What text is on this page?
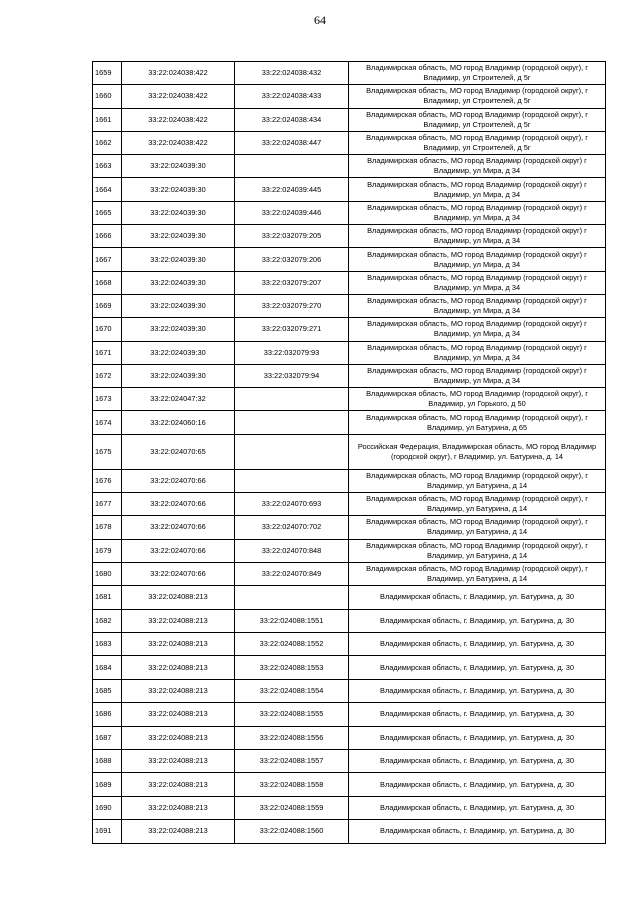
64
1659	33:22:024038:422	33:22:024038:432	Владимирская область, МО город Владимир (городской округ), г Владимир, ул Строителей, д 5г
1660	33:22:024038:422	33:22:024038:433	Владимирская область, МО город Владимир (городской округ), г Владимир, ул Строителей, д 5г
1661	33:22:024038:422	33:22:024038:434	Владимирская область, МО город Владимир (городской округ), г Владимир, ул Строителей, д 5г
1662	33:22:024038:422	33:22:024038:447	Владимирская область, МО город Владимир (городской округ), г Владимир, ул Строителей, д 5г
1663	33:22:024039:30		Владимирская область, МО город Владимир (городской округ) г Владимир, ул Мира, д 34
1664	33:22:024039:30	33:22:024039:445	Владимирская область, МО город Владимир (городской округ) г Владимир, ул Мира, д 34
1665	33:22:024039:30	33:22:024039:446	Владимирская область, МО город Владимир (городской округ) г Владимир, ул Мира, д 34
1666	33:22:024039:30	33:22:032079:205	Владимирская область, МО город Владимир (городской округ) г Владимир, ул Мира, д 34
1667	33:22:024039:30	33:22:032079:206	Владимирская область, МО город Владимир (городской округ) г Владимир, ул Мира, д 34
1668	33:22:024039:30	33:22:032079:207	Владимирская область, МО город Владимир (городской округ) г Владимир, ул Мира, д 34
1669	33:22:024039:30	33:22:032079:270	Владимирская область, МО город Владимир (городской округ) г Владимир, ул Мира, д 34
1670	33:22:024039:30	33:22:032079:271	Владимирская область, МО город Владимир (городской округ) г Владимир, ул Мира, д 34
1671	33:22:024039:30	33:22:032079:93	Владимирская область, МО город Владимир (городской округ) г Владимир, ул Мира, д 34
1672	33:22:024039:30	33:22:032079:94	Владимирская область, МО город Владимир (городской округ) г Владимир, ул Мира, д 34
1673	33:22:024047:32		Владимирская область, МО город Владимир (городской округ), г Владимир, ул Горького, д 50
1674	33:22:024060:16		Владимирская область, МО город Владимир (городской округ), г Владимир, ул Батурина, д 65
1675	33:22:024070:65		Российская Федерация, Владимирская область, МО город Владимир (городской округ), г Владимир, ул. Батурина, д. 14
1676	33:22:024070:66		Владимирская область, МО город Владимир (городской округ), г Владимир, ул Батурина, д 14
1677	33:22:024070:66	33:22:024070:693	Владимирская область, МО город Владимир (городской округ), г Владимир, ул Батурина, д 14
1678	33:22:024070:66	33:22:024070:702	Владимирская область, МО город Владимир (городской округ), г Владимир, ул Батурина, д 14
1679	33:22:024070:66	33:22:024070:848	Владимирская область, МО город Владимир (городской округ), г Владимир, ул Батурина, д 14
1680	33:22:024070:66	33:22:024070:849	Владимирская область, МО город Владимир (городской округ), г Владимир, ул Батурина, д 14
1681	33:22:024088:213		Владимирская область, г. Владимир, ул. Батурина, д. 30
1682	33:22:024088:213	33:22:024088:1551	Владимирская область, г. Владимир, ул. Батурина, д. 30
1683	33:22:024088:213	33:22:024088:1552	Владимирская область, г. Владимир, ул. Батурина, д. 30
1684	33:22:024088:213	33:22:024088:1553	Владимирская область, г. Владимир, ул. Батурина, д. 30
1685	33:22:024088:213	33:22:024088:1554	Владимирская область, г. Владимир, ул. Батурина, д. 30
1686	33:22:024088:213	33:22:024088:1555	Владимирская область, г. Владимир, ул. Батурина, д. 30
1687	33:22:024088:213	33:22:024088:1556	Владимирская область, г. Владимир, ул. Батурина, д. 30
1688	33:22:024088:213	33:22:024088:1557	Владимирская область, г. Владимир, ул. Батурина, д. 30
1689	33:22:024088:213	33:22:024088:1558	Владимирская область, г. Владимир, ул. Батурина, д. 30
1690	33:22:024088:213	33:22:024088:1559	Владимирская область, г. Владимир, ул. Батурина, д. 30
1691	33:22:024088:213	33:22:024088:1560	Владимирская область, г. Владимир, ул. Батурина, д. 30
